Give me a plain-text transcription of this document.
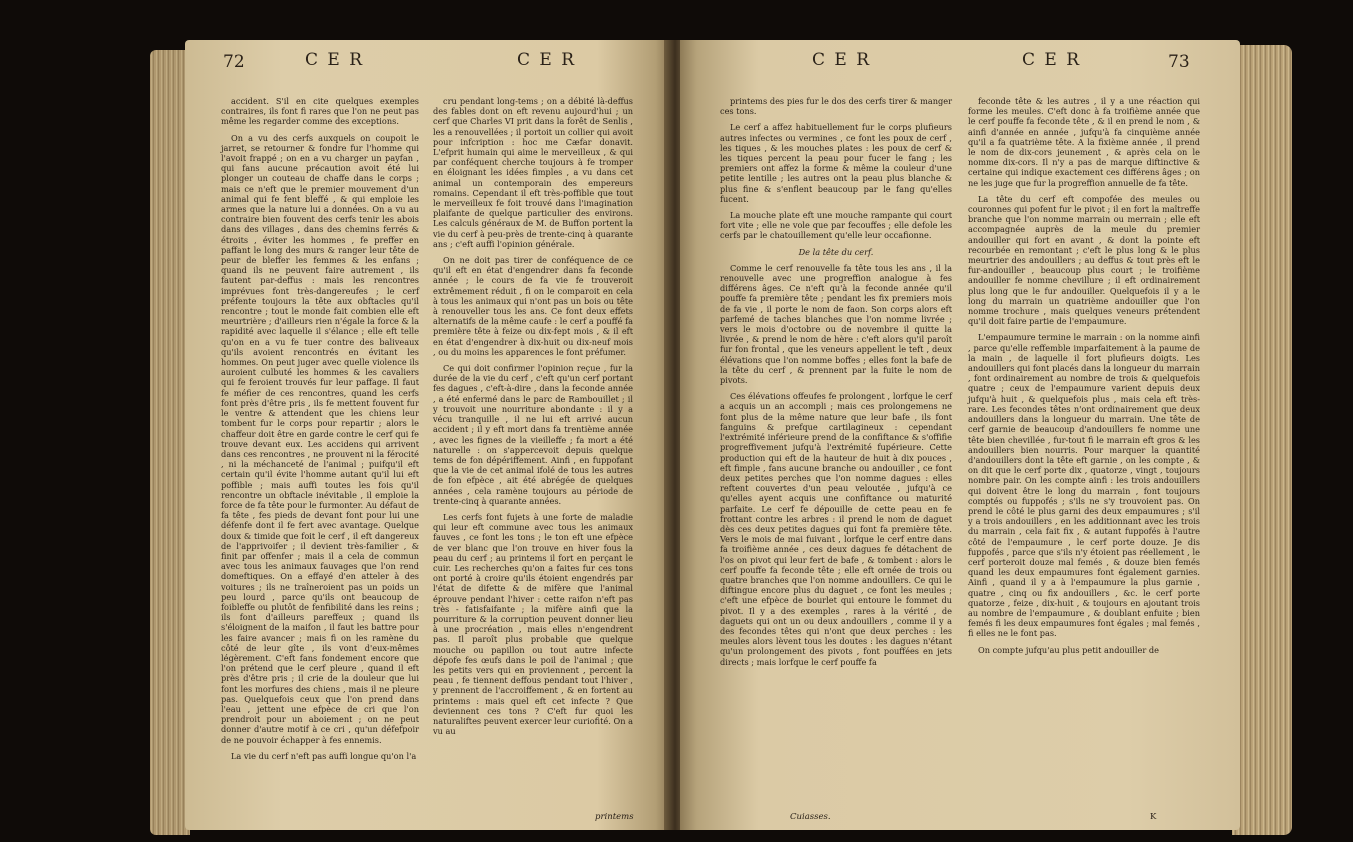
72	C E R	C E R

accident. S'il en cite quelques exemples contraires, ils font fi rares que l'on ne peut pas même les regarder comme des exceptions.

On a vu des cerfs auxquels on coupoit le jarret, se retourner & fondre fur l'homme qui l'avoit frappé ; on en a vu charger un payfan , qui fans aucune précaution avoit été lui plonger un couteau de chaffe dans le corps ; mais ce n'eft que le premier mouvement d'un animal qui fe fent bleffé , & qui emploie les armes que la nature lui a données. On a vu au contraire bien fouvent des cerfs tenir les abois dans des villages , dans des chemins ferrés & étroits , éviter les hommes , fe preffer en paffant le long des murs & ranger leur tête de peur de bleffer les femmes & les enfans ; quand ils ne peuvent faire autrement , ils fautent par-deffus : mais les rencontres imprévues font très-dangereufes ; le cerf préfente toujours la tête aux obftacles qu'il rencontre ; tout le monde fait combien elle eft meurtrière ; d'ailleurs rien n'égale la force & la rapidité avec laquelle il s'élance ; elle eft telle qu'on en a vu fe tuer contre des baliveaux qu'ils avoient rencontrés en évitant les hommes. On peut juger avec quelle violence ils auroient culbuté les hommes & les cavaliers qui fe feroient trouvés fur leur paffage. Il faut fe méfier de ces rencontres, quand les cerfs font près d'être pris , ils fe mettent fouvent fur le ventre & attendent que les chiens leur tombent fur le corps pour repartir ; alors le chaffeur doit être en garde contre le cerf qui fe trouve devant eux. Les accidens qui arrivent dans ces rencontres , ne prouvent ni la férocité , ni la méchanceté de l'animal ; puifqu'il eft certain qu'il évite l'homme autant qu'il lui eft poffible ; mais auffi toutes les fois qu'il rencontre un obftacle inévitable , il emploie la force de fa tête pour le furmonter. Au défaut de fa tête , fes pieds de devant font pour lui une défenfe dont il fe fert avec avantage. Quelque doux & timide que foit le cerf , il eft dangereux de l'apprivoifer ; il devient très-familier , & finit par offenfer ; mais il a cela de commun avec tous les animaux fauvages que l'on rend domeftiques. On a effayé d'en atteler à des voitures ; ils ne traîneroient pas un poids un peu lourd , parce qu'ils ont beaucoup de foibleffe ou plutôt de fenfibilité dans les reins ; ils font d'ailleurs pareffeux ; quand ils s'éloignent de la maifon , il faut les battre pour les faire avancer ; mais fi on les ramène du côté de leur gîte , ils vont d'eux-mêmes légèrement. C'eft fans fondement encore que l'on prétend que le cerf pleure , quand il eft près d'être pris ; il crie de la douleur que lui font les morfures des chiens , mais il ne pleure pas. Quelquefois ceux que l'on prend dans l'eau , jettent une efpèce de cri que l'on prendroit pour un aboiement ; on ne peut donner d'autre motif à ce cri , qu'un défefpoir de ne pouvoir échapper à fes ennemis.

La vie du cerf n'eft pas auffi longue qu'on l'a

cru pendant long-tems ; on a débité là-deffus des fables dont on eft revenu aujourd'hui ; un cerf que Charles VI prit dans la forêt de Senlis , les a renouvellées ; il portoit un collier qui avoit pour infcription : hoc me Cæfar donavit. L'efprit humain qui aime le merveilleux , & qui par conféquent cherche toujours à fe tromper en éloignant les idées fimples , a vu dans cet animal un contemporain des empereurs romains. Cependant il eft très-poffible que tout le merveilleux fe foit trouvé dans l'imagination plaifante de quelque particulier des environs. Les calculs généraux de M. de Buffon portent la vie du cerf à peu-près de trente-cinq à quarante ans ; c'eft auffi l'opinion générale.

On ne doit pas tirer de conféquence de ce qu'il eft en état d'engendrer dans fa feconde année ; le cours de fa vie fe trouveroit extrêmement réduit , fi on le comparoit en cela à tous les animaux qui n'ont pas un bois ou tête à renouveller tous les ans. Ce font deux effets alternatifs de la même caufe : le cerf a pouffé fa première tête à feize ou dix-fept mois , & il eft en état d'engendrer à dix-huit ou dix-neuf mois , ou du moins les apparences le font préfumer.

Ce qui doit confirmer l'opinion reçue , fur la durée de la vie du cerf , c'eft qu'un cerf portant fes dagues , c'eft-à-dire , dans la feconde année , a été enfermé dans le parc de Rambouillet ; il y trouvoit une nourriture abondante : il y a vécu tranquille , il ne lui eft arrivé aucun accident ; il y eft mort dans fa trentième année , avec les fignes de la vieilleffe ; fa mort a été naturelle : on s'appercevoit depuis quelque tems de fon dépériffement. Ainfi , en fuppofant que la vie de cet animal ifolé de tous les autres de fon efpèce , ait été abrégée de quelques années , cela ramène toujours au période de trente-cinq à quarante années.

Les cerfs font fujets à une forte de maladie qui leur eft commune avec tous les animaux fauves , ce font les tons ; le ton eft une efpèce de ver blanc que l'on trouve en hiver fous la peau du cerf ; au printems il fort en perçant le cuir. Les recherches qu'on a faites fur ces tons ont porté à croire qu'ils étoient engendrés par l'état de difette & de mifère que l'animal éprouve pendant l'hiver : cette raifon n'eft pas très - fatisfaifante ; la mifère ainfi que la pourriture & la corruption peuvent donner lieu à une procréation , mais elles n'engendrent pas. Il paroît plus probable que quelque mouche ou papillon ou tout autre infecte dépofe fes œufs dans le poil de l'animal ; que les petits vers qui en proviennent , percent la peau , fe tiennent deffous pendant tout l'hiver , y prennent de l'accroiffement , & en fortent au printems : mais quel eft cet infecte ? Que deviennent ces tons ? C'eft fur quoi les naturaliftes peuvent exercer leur curiofité. On a vu au

printems
C E R	C E R	73

printems des pies fur le dos des cerfs tirer & manger ces tons.

Le cerf a affez habituellement fur le corps plufieurs autres infectes ou vermines , ce font les poux de cerf , les tiques , & les mouches plates : les poux de cerf & les tiques percent la peau pour fucer le fang ; les premiers ont affez la forme & même la couleur d'une petite lentille ; les autres ont la peau plus blanche & plus fine & s'enflent beaucoup par le fang qu'elles fucent.

La mouche plate eft une mouche rampante qui court fort vite ; elle ne vole que par fecouffes ; elle defole les cerfs par le chatouillement qu'elle leur occafionne.

De la tête du cerf.

Comme le cerf renouvelle fa tête tous les ans , il la renouvelle avec une progreffion analogue à fes différens âges. Ce n'eft qu'à la feconde année qu'il pouffe fa première tête ; pendant les fix premiers mois de fa vie , il porte le nom de faon. Son corps alors eft parfemé de taches blanches que l'on nomme livrée ; vers le mois d'octobre ou de novembre il quitte la livrée , & prend le nom de hère : c'eft alors qu'il paroît fur fon frontal , que les veneurs appellent le teft , deux élévations que l'on nomme boffes ; elles font la bafe de la tête du cerf , & prennent par la fuite le nom de pivots.

Ces élévations offeufes fe prolongent , lorfque le cerf a acquis un an accompli ; mais ces prolongemens ne font plus de la même nature que leur bafe , ils font fanguins & prefque cartilagineux : cependant l'extrémité inférieure prend de la confiftance & s'offifie progreffivement jufqu'à l'extrémité fupérieure. Cette production qui eft de la hauteur de huit à dix pouces , eft fimple , fans aucune branche ou andouiller , ce font deux petites perches que l'on nomme dagues : elles reftent couvertes d'un peau veloutée , jufqu'à ce qu'elles ayent acquis une confiftance ou maturité parfaite. Le cerf fe dépouille de cette peau en fe frottant contre les arbres : il prend le nom de daguet dès ces deux petites dagues qui font fa première tête. Vers le mois de mai fuivant , lorfque le cerf entre dans fa troifième année , ces deux dagues fe détachent de l'os on pivot qui leur fert de bafe , & tombent : alors le cerf pouffe fa feconde tête ; elle eft ornée de trois ou quatre branches que l'on nomme andouillers. Ce qui le diftingue encore plus du daguet , ce font les meules ; c'eft une efpèce de bourlet qui entoure le fommet du pivot. Il y a des exemples , rares à la vérité , de daguets qui ont un ou deux andouillers , comme il y a des fecondes têtes qui n'ont que deux perches : les meules alors lèvent tous les doutes : les dagues n'étant qu'un prolongement des pivots , font pouffées en jets directs ; mais lorfque le cerf pouffe fa

feconde tête & les autres , il y a une réaction qui forme les meules. C'eft donc à fa troifième année que le cerf pouffe fa feconde tête , & il en prend le nom , & ainfi d'année en année , jufqu'à fa cinquième année qu'il a fa quatrième tête. A la fixième année , il prend le nom de dix-cors jeunement , & après cela on le nomme dix-cors. Il n'y a pas de marque diftinctive & certaine qui indique exactement ces différens âges ; on ne les juge que fur la progreffion annuelle de fa tête.

La tête du cerf eft compofée des meules ou couronnes qui pofent fur le pivot ; il en fort la maîtreffe branche que l'on nomme marrain ou merrain ; elle eft accompagnée auprès de la meule du premier andouiller qui fort en avant , & dont la pointe eft recourbée en remontant ; c'eft le plus long & le plus meurtrier des andouillers ; au deffus & tout près eft le fur-andouiller , beaucoup plus court ; le troifième andouiller fe nomme chevillure ; il eft ordinairement plus long que le fur andouiller. Quelquefois il y a le long du marrain un quatrième andouiller que l'on nomme trochure , mais quelques veneurs prétendent qu'il doit faire partie de l'empaumure.

L'empaumure termine le marrain : on la nomme ainfi , parce qu'elle reffemble imparfaitement à la paume de la main , de laquelle il fort plufieurs doigts. Les andouillers qui font placés dans la longueur du marrain , font ordinairement au nombre de trois & quelquefois quatre ; ceux de l'empaumure varient depuis deux jufqu'à huit , & quelquefois plus , mais cela eft très-rare. Les fecondes têtes n'ont ordinairement que deux andouillers dans la longueur du marrain. Une tête de cerf garnie de beaucoup d'andouillers fe nomme une tête bien chevillée , fur-tout fi le marrain eft gros & les andouillers bien nourris. Pour marquer la quantité d'andouillers dont la tête eft garnie , on les compte , & on dit que le cerf porte dix , quatorze , vingt , toujours nombre pair. On les compte ainfi : les trois andouillers qui doivent être le long du marrain , font toujours comptés ou fuppofés ; s'ils ne s'y trouvoient pas. On prend le côté le plus garni des deux empaumures ; s'il y a trois andouillers , en les additionnant avec les trois du marrain , cela fait fix , & autant fuppofés à l'autre côté de l'empaumure , le cerf porte douze. Je dis fuppofés , parce que s'ils n'y étoient pas réellement , le cerf porteroit douze mal femés , & douze bien femés quand les deux empaumures font également garnies. Ainfi , quand il y a à l'empaumure la plus garnie , quatre , cinq ou fix andouillers , &c. le cerf porte quatorze , feize , dix-huit , & toujours en ajoutant trois au nombre de l'empaumure , & doublant enfuite ; bien femés fi les deux empaumures font égales ; mal femés , fi elles ne le font pas.

On compte jufqu'au plus petit andouiller de

Cuiasses.	K
